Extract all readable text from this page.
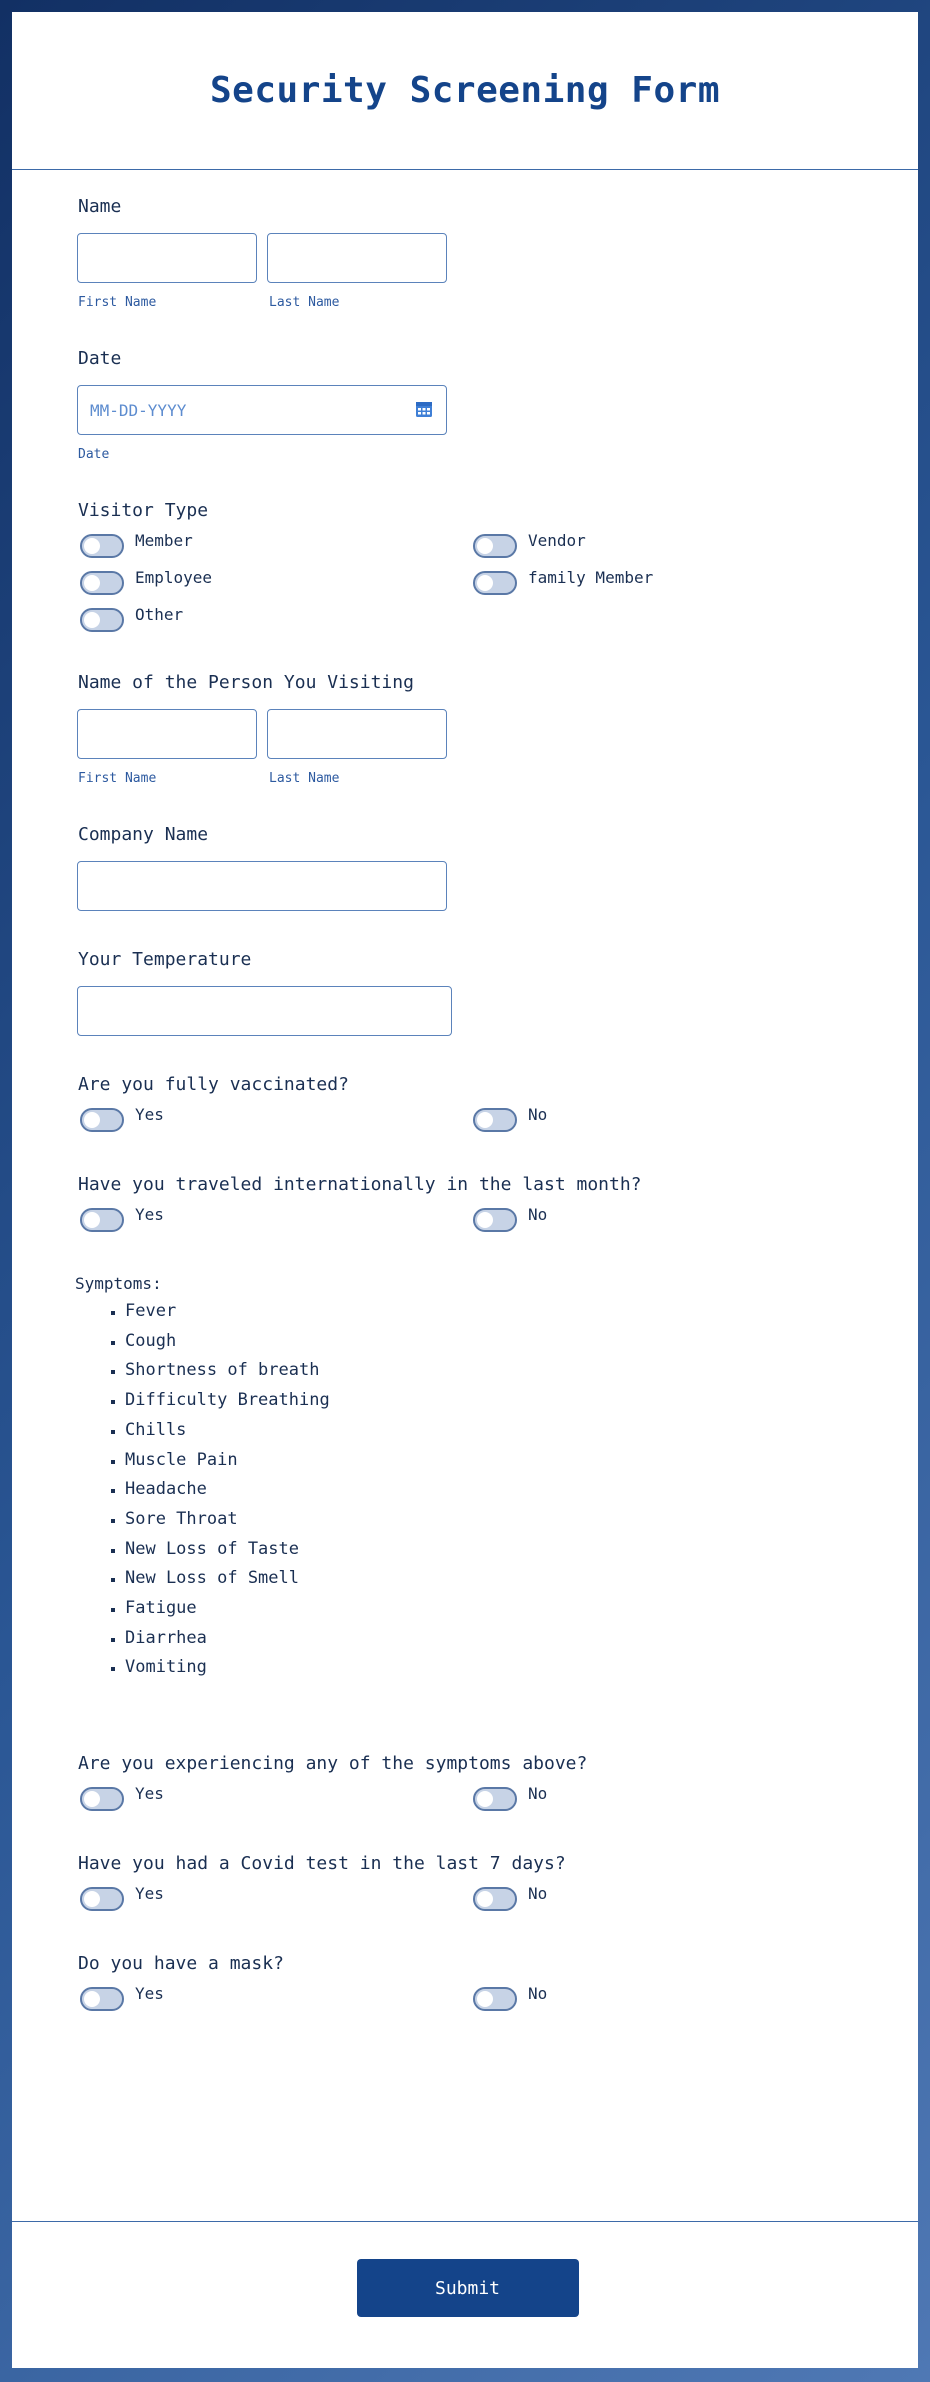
Security Screening Form
Name
First Name	Last Name
Date
MM-DD-YYYY
Date
Visitor Type
Member	Vendor
Employee	family Member
Other
Name of the Person You Visiting
First Name	Last Name
Company Name
Your Temperature
Are you fully vaccinated?
Yes	No
Have you traveled internationally in the last month?
Yes	No
Symptoms:
▪ Fever
▪ Cough
▪ Shortness of breath
▪ Difficulty Breathing
▪ Chills
▪ Muscle Pain
▪ Headache
▪ Sore Throat
▪ New Loss of Taste
▪ New Loss of Smell
▪ Fatigue
▪ Diarrhea
▪ Vomiting
Are you experiencing any of the symptoms above?
Yes	No
Have you had a Covid test in the last 7 days?
Yes	No
Do you have a mask?
Yes	No
Submit
